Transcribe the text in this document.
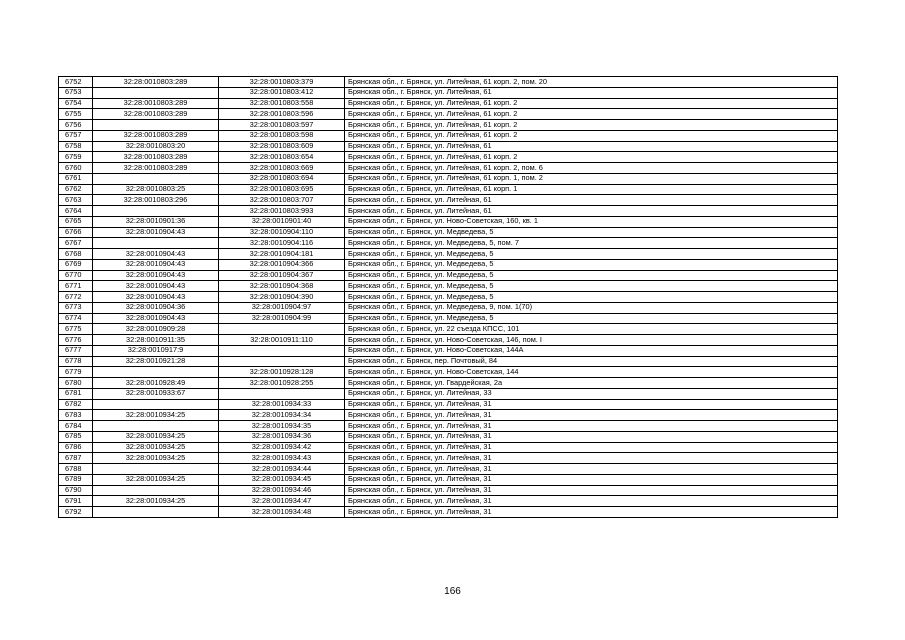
6752	32:28:0010803:289	32:28:0010803:379	Брянская обл., г. Брянск, ул. Литейная, 61 корп. 2, пом. 20
6753		32:28:0010803:412	Брянская обл., г. Брянск, ул. Литейная, 61
6754	32:28:0010803:289	32:28:0010803:558	Брянская обл., г. Брянск, ул. Литейная, 61 корп. 2
6755	32:28:0010803:289	32:28:0010803:596	Брянская обл., г. Брянск, ул. Литейная, 61 корп. 2
6756		32:28:0010803:597	Брянская обл., г. Брянск, ул. Литейная, 61 корп. 2
6757	32:28:0010803:289	32:28:0010803:598	Брянская обл., г. Брянск, ул. Литейная, 61 корп. 2
6758	32:28:0010803:20	32:28:0010803:609	Брянская обл., г. Брянск, ул. Литейная, 61
6759	32:28:0010803:289	32:28:0010803:654	Брянская обл., г. Брянск, ул. Литейная, 61 корп. 2
6760	32:28:0010803:289	32:28:0010803:669	Брянская обл., г. Брянск, ул. Литейная, 61 корп. 2, пом. 6
6761		32:28:0010803:694	Брянская обл., г. Брянск, ул. Литейная, 61 корп. 1, пом. 2
6762	32:28:0010803:25	32:28:0010803:695	Брянская обл., г. Брянск, ул. Литейная, 61 корп. 1
6763	32:28:0010803:296	32:28:0010803:707	Брянская обл., г. Брянск, ул. Литейная, 61
6764		32:28:0010803:993	Брянская обл., г. Брянск, ул. Литейная, 61
6765	32:28:0010901:36	32:28:0010901:40	Брянская обл., г. Брянск, ул. Ново-Советская, 160, кв. 1
6766	32:28:0010904:43	32:28:0010904:110	Брянская обл., г. Брянск, ул. Медведева, 5
6767		32:28:0010904:116	Брянская обл., г. Брянск, ул. Медведева, 5, пом. 7
6768	32:28:0010904:43	32:28:0010904:181	Брянская обл., г. Брянск, ул. Медведева, 5
6769	32:28:0010904:43	32:28:0010904:366	Брянская обл., г. Брянск, ул. Медведева, 5
6770	32:28:0010904:43	32:28:0010904:367	Брянская обл., г. Брянск, ул. Медведева, 5
6771	32:28:0010904:43	32:28:0010904:368	Брянская обл., г. Брянск, ул. Медведева, 5
6772	32:28:0010904:43	32:28:0010904:390	Брянская обл., г. Брянск, ул. Медведева, 5
6773	32:28:0010904:36	32:28:0010904:97	Брянская обл., г. Брянск, ул. Медведева, 9, пом. 1(70)
6774	32:28:0010904:43	32:28:0010904:99	Брянская обл., г. Брянск, ул. Медведева, 5
6775	32:28:0010909:28		Брянская обл., г. Брянск, ул. 22 съезда КПСС, 101
6776	32:28:0010911:35	32:28:0010911:110	Брянская обл., г. Брянск, ул. Ново-Советская, 146, пом. I
6777	32:28:0010917:9		Брянская обл., г. Брянск, ул. Ново-Советская, 144А
6778	32:28:0010921:28		Брянская обл., г. Брянск, пер. Почтовый, 84
6779		32:28:0010928:128	Брянская обл., г. Брянск, ул. Ново-Советская, 144
6780	32:28:0010928:49	32:28:0010928:255	Брянская обл., г. Брянск, ул. Гвардейская, 2а
6781	32:28:0010933:67		Брянская обл., г. Брянск, ул. Литейная, 33
6782		32:28:0010934:33	Брянская обл., г. Брянск, ул. Литейная, 31
6783	32:28:0010934:25	32:28:0010934:34	Брянская обл., г. Брянск, ул. Литейная, 31
6784		32:28:0010934:35	Брянская обл., г. Брянск, ул. Литейная, 31
6785	32:28:0010934:25	32:28:0010934:36	Брянская обл., г. Брянск, ул. Литейная, 31
6786	32:28:0010934:25	32:28:0010934:42	Брянская обл., г. Брянск, ул. Литейная, 31
6787	32:28:0010934:25	32:28:0010934:43	Брянская обл., г. Брянск, ул. Литейная, 31
6788		32:28:0010934:44	Брянская обл., г. Брянск, ул. Литейная, 31
6789	32:28:0010934:25	32:28:0010934:45	Брянская обл., г. Брянск, ул. Литейная, 31
6790		32:28:0010934:46	Брянская обл., г. Брянск, ул. Литейная, 31
6791	32:28:0010934:25	32:28:0010934:47	Брянская обл., г. Брянск, ул. Литейная, 31
6792		32:28:0010934:48	Брянская обл., г. Брянск, ул. Литейная, 31
166
